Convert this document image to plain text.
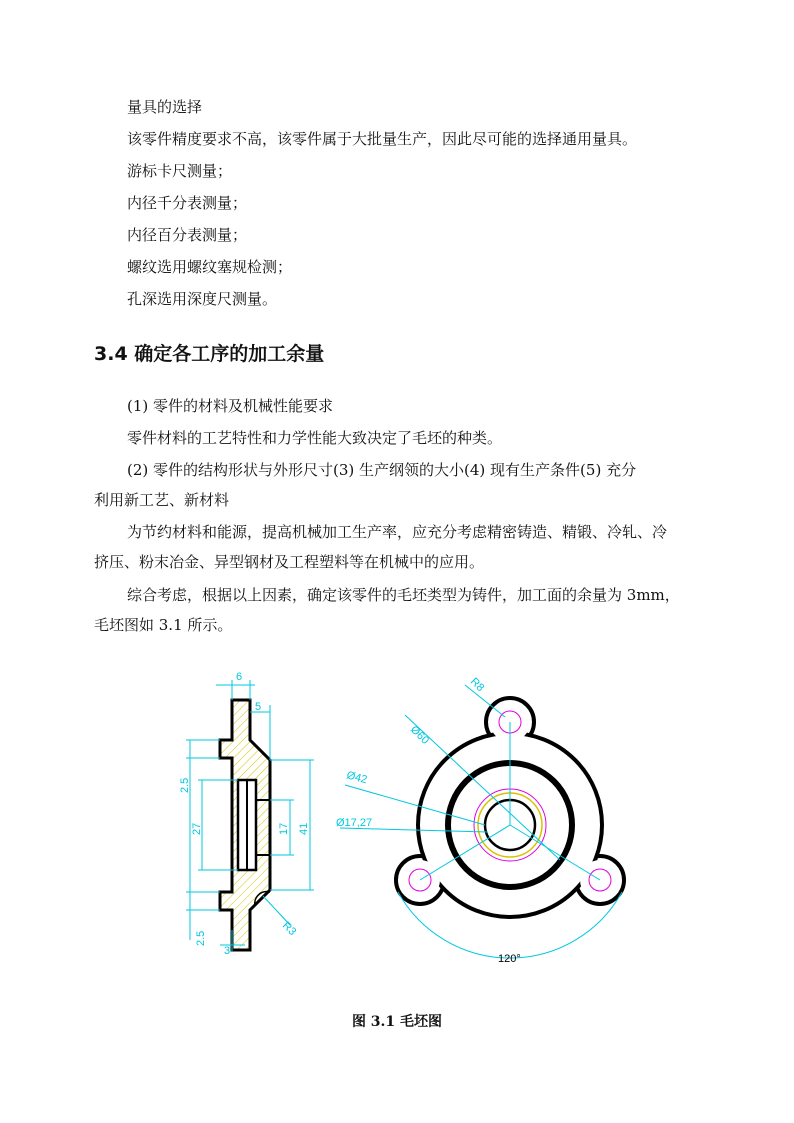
量具的选择
该零件精度要求不高，该零件属于大批量生产，因此尽可能的选择通用量具。
游标卡尺测量；
内径千分表测量；
内径百分表测量；
螺纹选用螺纹塞规检测；
孔深选用深度尺测量。
3.4 确定各工序的加工余量
(1) 零件的材料及机械性能要求
零件材料的工艺特性和力学性能大致决定了毛坯的种类。
(2) 零件的结构形状与外形尺寸(3) 生产纲领的大小(4) 现有生产条件(5) 充分
利用新工艺、新材料
为节约材料和能源，提高机械加工生产率，应充分考虑精密铸造、精锻、冷轧、冷
挤压、粉末冶金、异型钢材及工程塑料等在机械中的应用。
综合考虑，根据以上因素，确定该零件的毛坯类型为铸件，加工面的余量为 3mm，
毛坯图如 3.1 所示。
6
5
2.5
27	17 41
2.5
3
R3
R8
Ø60
Ø42
Ø17,27
120°
图 3.1 毛坯图
